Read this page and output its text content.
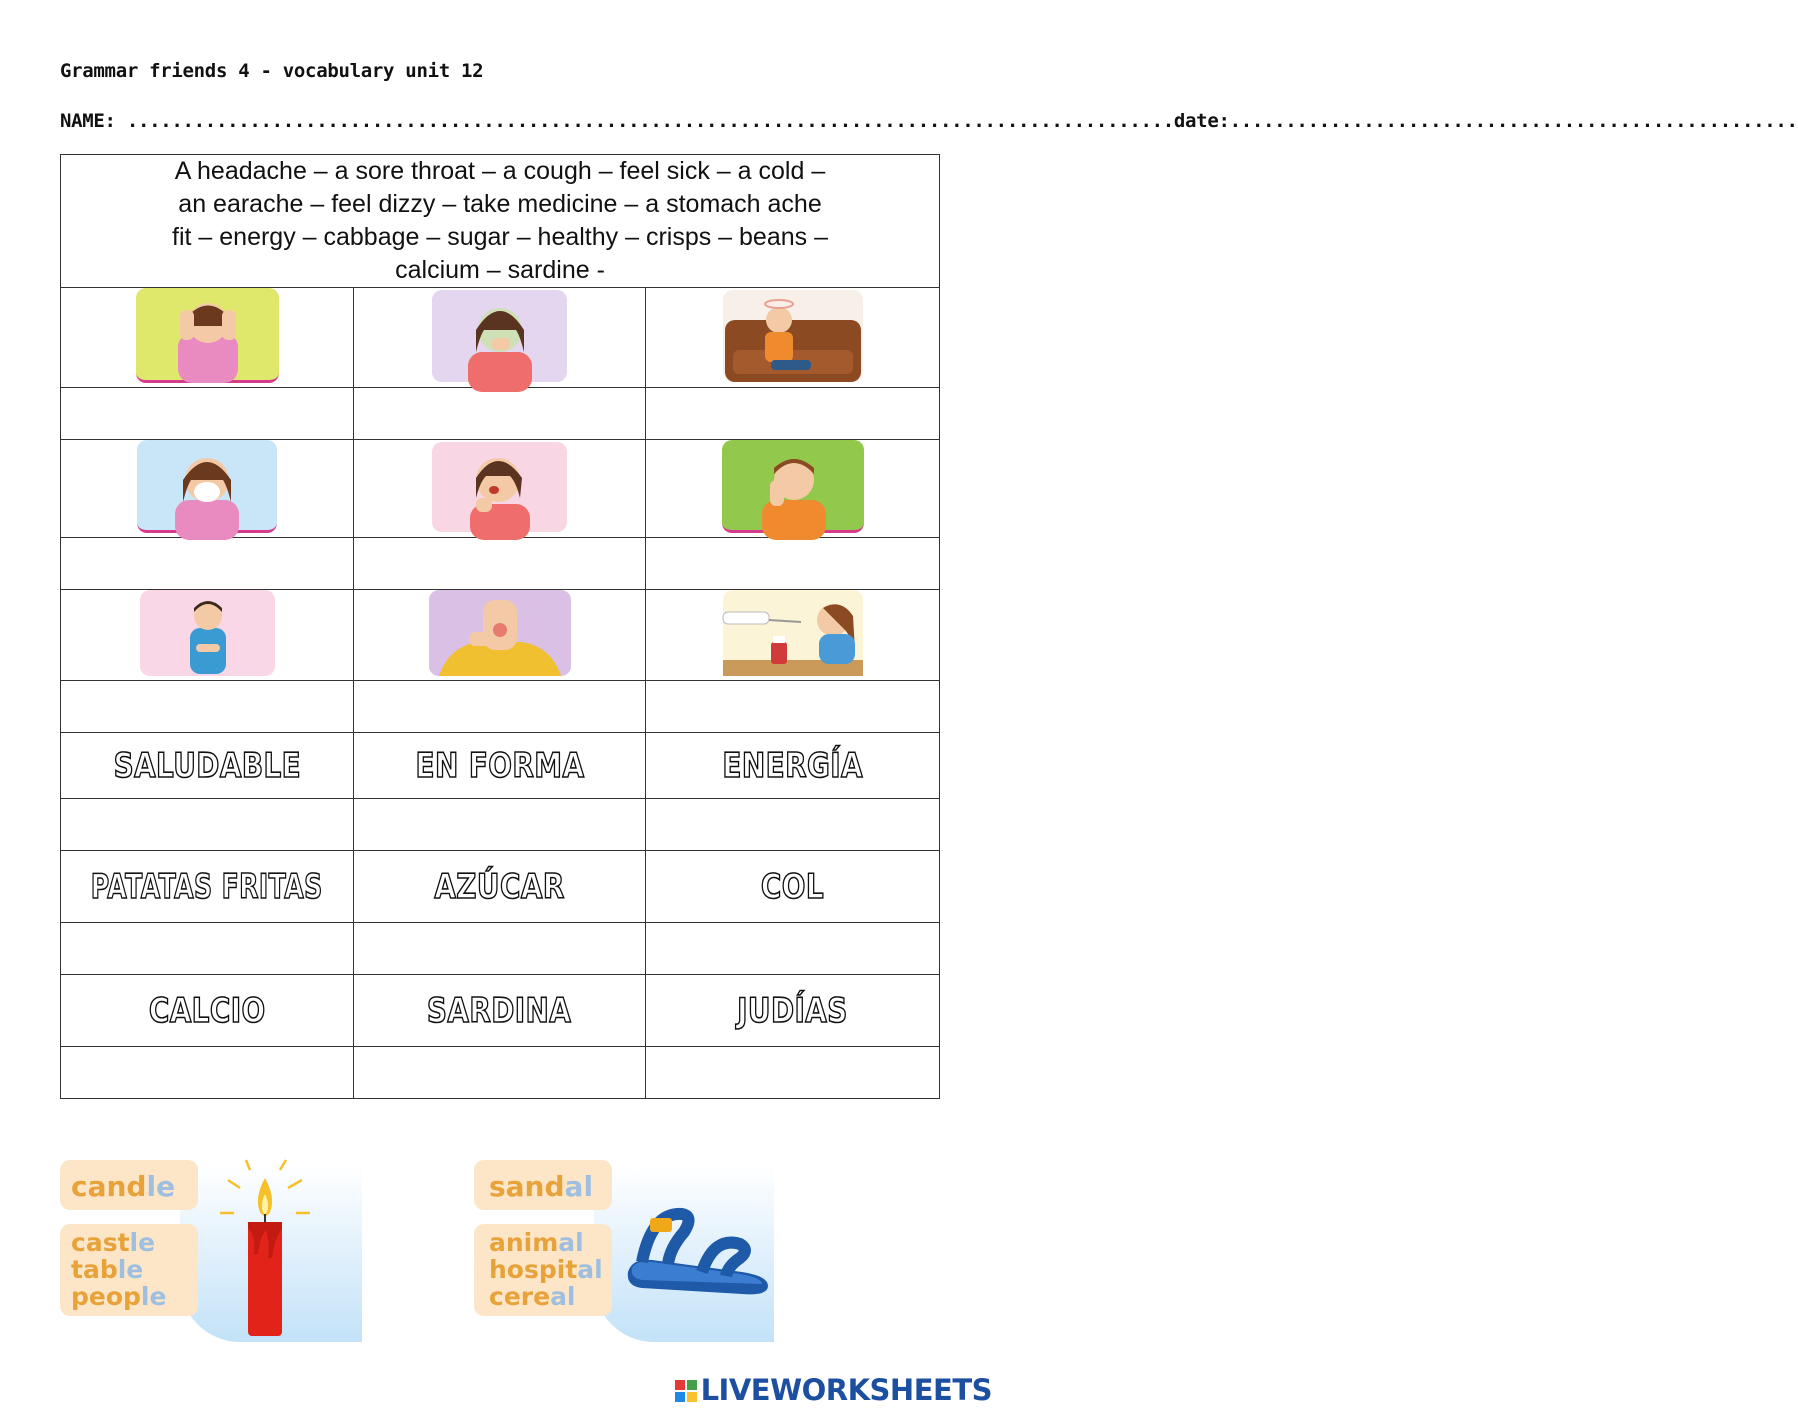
Grammar friends 4 - vocabulary unit 12
NAME: ..............................................................................................date:...................................................
A headache – a sore throat – a cough – feel sick – a cold –
an earache – feel dizzy – take medicine – a stomach ache
fit – energy – cabbage – sugar – healthy – crisps – beans –
calcium – sardine -		

SALUDABLE	EN FORMA	ENERGÍA

PATATAS FRITAS	AZÚCAR	COL

CALCIO	SARDINA	JUDÍAS

candle
castle
table
people
sandal
animal
hospital
cereal
LIVEWORKSHEETS
